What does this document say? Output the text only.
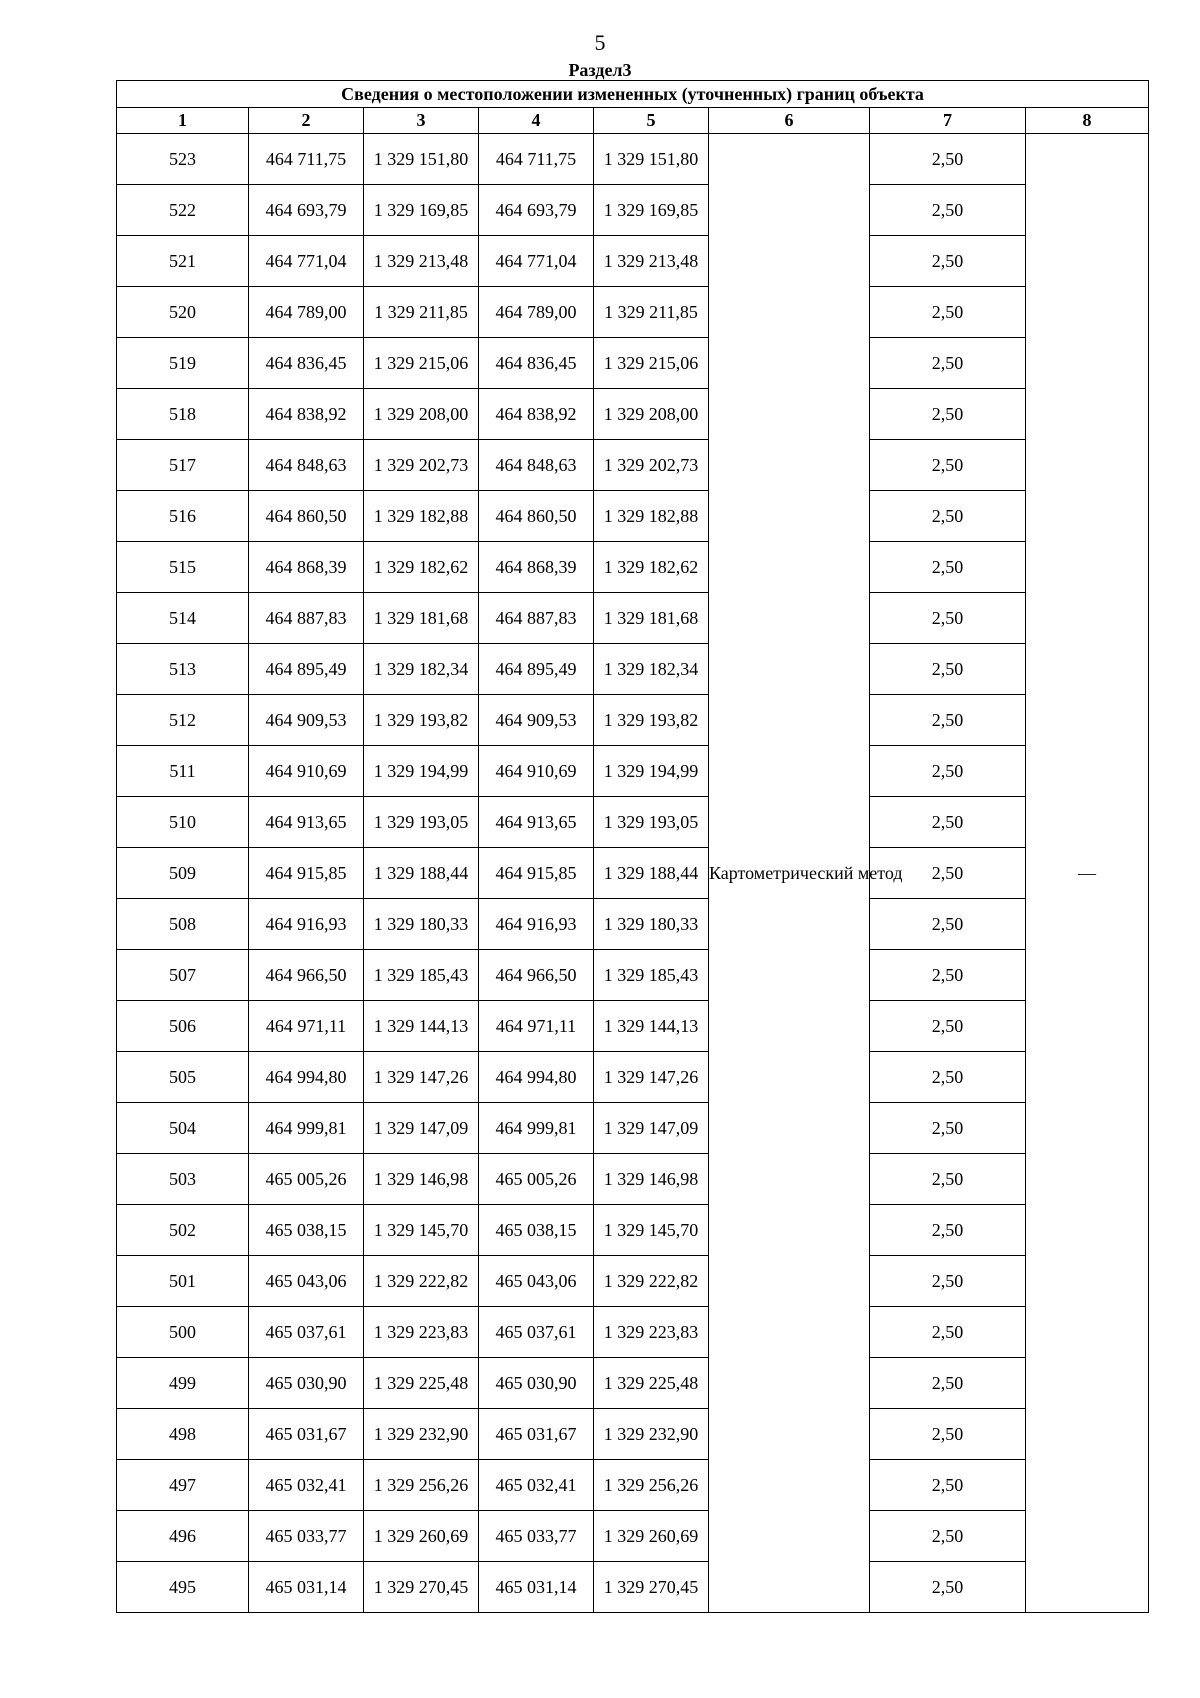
5
Раздел3
Сведения о местоположении измененных (уточненных) границ объекта							
1	2	3	4	5	6	7	8
523	464 711,75	1 329 151,80	464 711,75	1 329 151,80	Картометрический метод	2,50	—
522	464 693,79	1 329 169,85	464 693,79	1 329 169,85		2,50	
521	464 771,04	1 329 213,48	464 771,04	1 329 213,48		2,50	
520	464 789,00	1 329 211,85	464 789,00	1 329 211,85		2,50	
519	464 836,45	1 329 215,06	464 836,45	1 329 215,06		2,50	
518	464 838,92	1 329 208,00	464 838,92	1 329 208,00		2,50	
517	464 848,63	1 329 202,73	464 848,63	1 329 202,73		2,50	
516	464 860,50	1 329 182,88	464 860,50	1 329 182,88		2,50	
515	464 868,39	1 329 182,62	464 868,39	1 329 182,62		2,50	
514	464 887,83	1 329 181,68	464 887,83	1 329 181,68		2,50	
513	464 895,49	1 329 182,34	464 895,49	1 329 182,34		2,50	
512	464 909,53	1 329 193,82	464 909,53	1 329 193,82		2,50	
511	464 910,69	1 329 194,99	464 910,69	1 329 194,99		2,50	
510	464 913,65	1 329 193,05	464 913,65	1 329 193,05		2,50	
509	464 915,85	1 329 188,44	464 915,85	1 329 188,44		2,50	
508	464 916,93	1 329 180,33	464 916,93	1 329 180,33		2,50	
507	464 966,50	1 329 185,43	464 966,50	1 329 185,43		2,50	
506	464 971,11	1 329 144,13	464 971,11	1 329 144,13		2,50	
505	464 994,80	1 329 147,26	464 994,80	1 329 147,26		2,50	
504	464 999,81	1 329 147,09	464 999,81	1 329 147,09		2,50	
503	465 005,26	1 329 146,98	465 005,26	1 329 146,98		2,50	
502	465 038,15	1 329 145,70	465 038,15	1 329 145,70		2,50	
501	465 043,06	1 329 222,82	465 043,06	1 329 222,82		2,50	
500	465 037,61	1 329 223,83	465 037,61	1 329 223,83		2,50	
499	465 030,90	1 329 225,48	465 030,90	1 329 225,48		2,50	
498	465 031,67	1 329 232,90	465 031,67	1 329 232,90		2,50	
497	465 032,41	1 329 256,26	465 032,41	1 329 256,26		2,50	
496	465 033,77	1 329 260,69	465 033,77	1 329 260,69		2,50	
495	465 031,14	1 329 270,45	465 031,14	1 329 270,45		2,50	
